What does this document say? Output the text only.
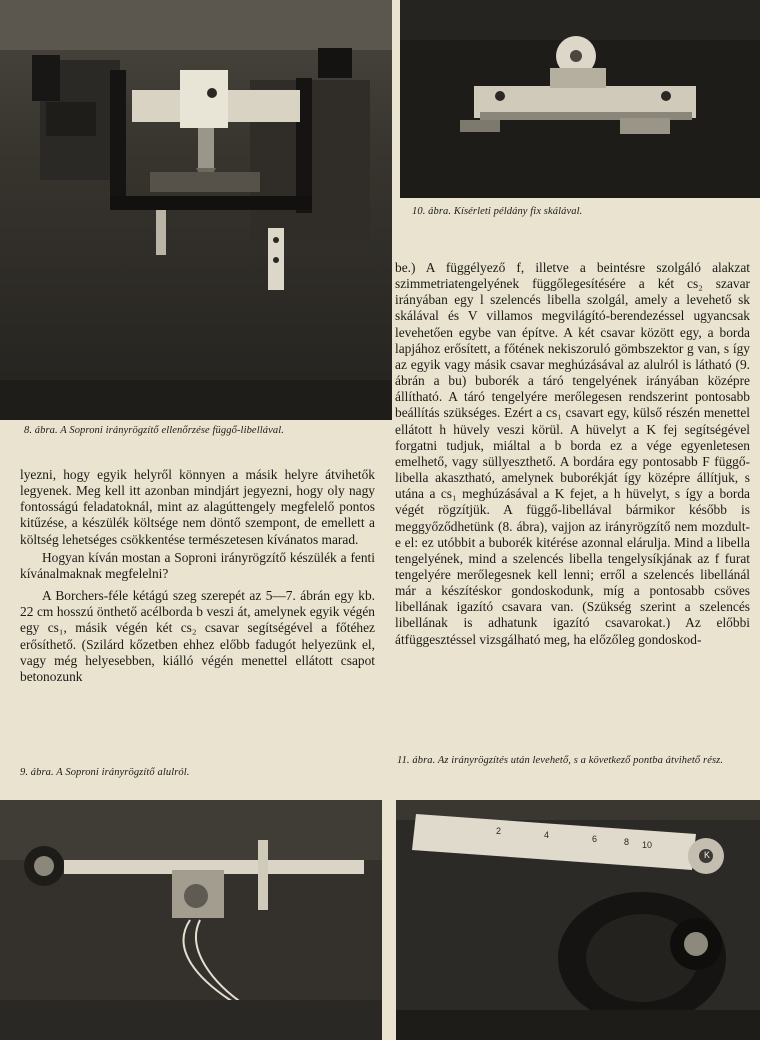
8. ábra. A Soproni irányrögzítő ellenőrzése függő-libellával.
10. ábra. Kísérleti példány fix skálával.

lyezni, hogy egyik helyről könnyen a másik helyre átvihetők legyenek. Meg kell itt azonban mindjárt jegyezni, hogy oly nagy fontosságú feladatoknál, mint az alagúttengely megfelelő pontos kitűzése, a készülék költsége nem döntő szempont, de emellett a költség lehetséges csökkentése természetesen kívánatos marad.

Hogyan kíván mostan a Soproni irányrögzítő készülék a fenti kívánalmaknak megfelelni?

A Borchers-féle kétágú szeg szerepét az 5—7. ábrán egy kb. 22 cm hosszú önthető acélborda b veszi át, amelynek egyik végén egy cs₁, másik végén két cs₂ csavar segítségével a főtéhez erősíthető. (Szilárd kőzetben ehhez előbb fadugót helyezünk el, vagy még helyesebben, kiálló végén menettel ellátott csapot betonozunk

be.) A függélyező f, illetve a beintésre szolgáló alakzat szimmetriatengelyének függőlegesítésére a két cs₂ szavar irányában egy l szelencés libella szolgál, amely a levehető sk skálával és V villamos megvilágító-berendezéssel ugyancsak levehetően egybe van építve. A két csavar között egy, a borda lapjához erősített, a főtének nekiszoruló gömbszektor g van, s így az egyik vagy másik csavar meghúzásával az alulról is látható (9. ábrán a bu) buborék a táró tengelyének irányában középre állítható. A táró tengelyére merőlegesen rendszerint pontosabb beállítás szükséges. Ezért a cs₁ csavart egy, külső részén menettel ellátott h hüvely veszi körül. A hüvelyt a K fej segítségével forgatni tudjuk, miáltal a b borda ez a vége egyenletesen emelhető, vagy süllyeszthető. A bordára egy pontosabb F függő-libella akasztható, amelynek buborékját így középre állítjuk, s utána a cs₁ meghúzásával a K fejet, a h hüvelyt, s így a borda végét rögzítjük. A függő-libellával bármikor később is meggyőződhetünk (8. ábra), vajjon az irányrögzítő nem mozdult-e el: ez utóbbit a buborék kitérése azonnal elárulja. Mind a libella tengelyének, mind a szelencés libella tengelysíkjának az f furat tengelyére merőlegesnek kell lenni; erről a szelencés libellánál már a készítéskor gondoskodunk, míg a pontosabb csöves libellának igazító csavara van. (Szükség szerint a szelencés libellának is adhatunk igazító csavarokat.) Az előbbi átfüggesztéssel vizsgálható meg, ha előzőleg gondoskod-

9. ábra. A Soproni irányrögzítő alulról.
11. ábra. Az irányrögzítés után levehető, s a következő pontba átvihető rész.
2	4	6	8 10
K
